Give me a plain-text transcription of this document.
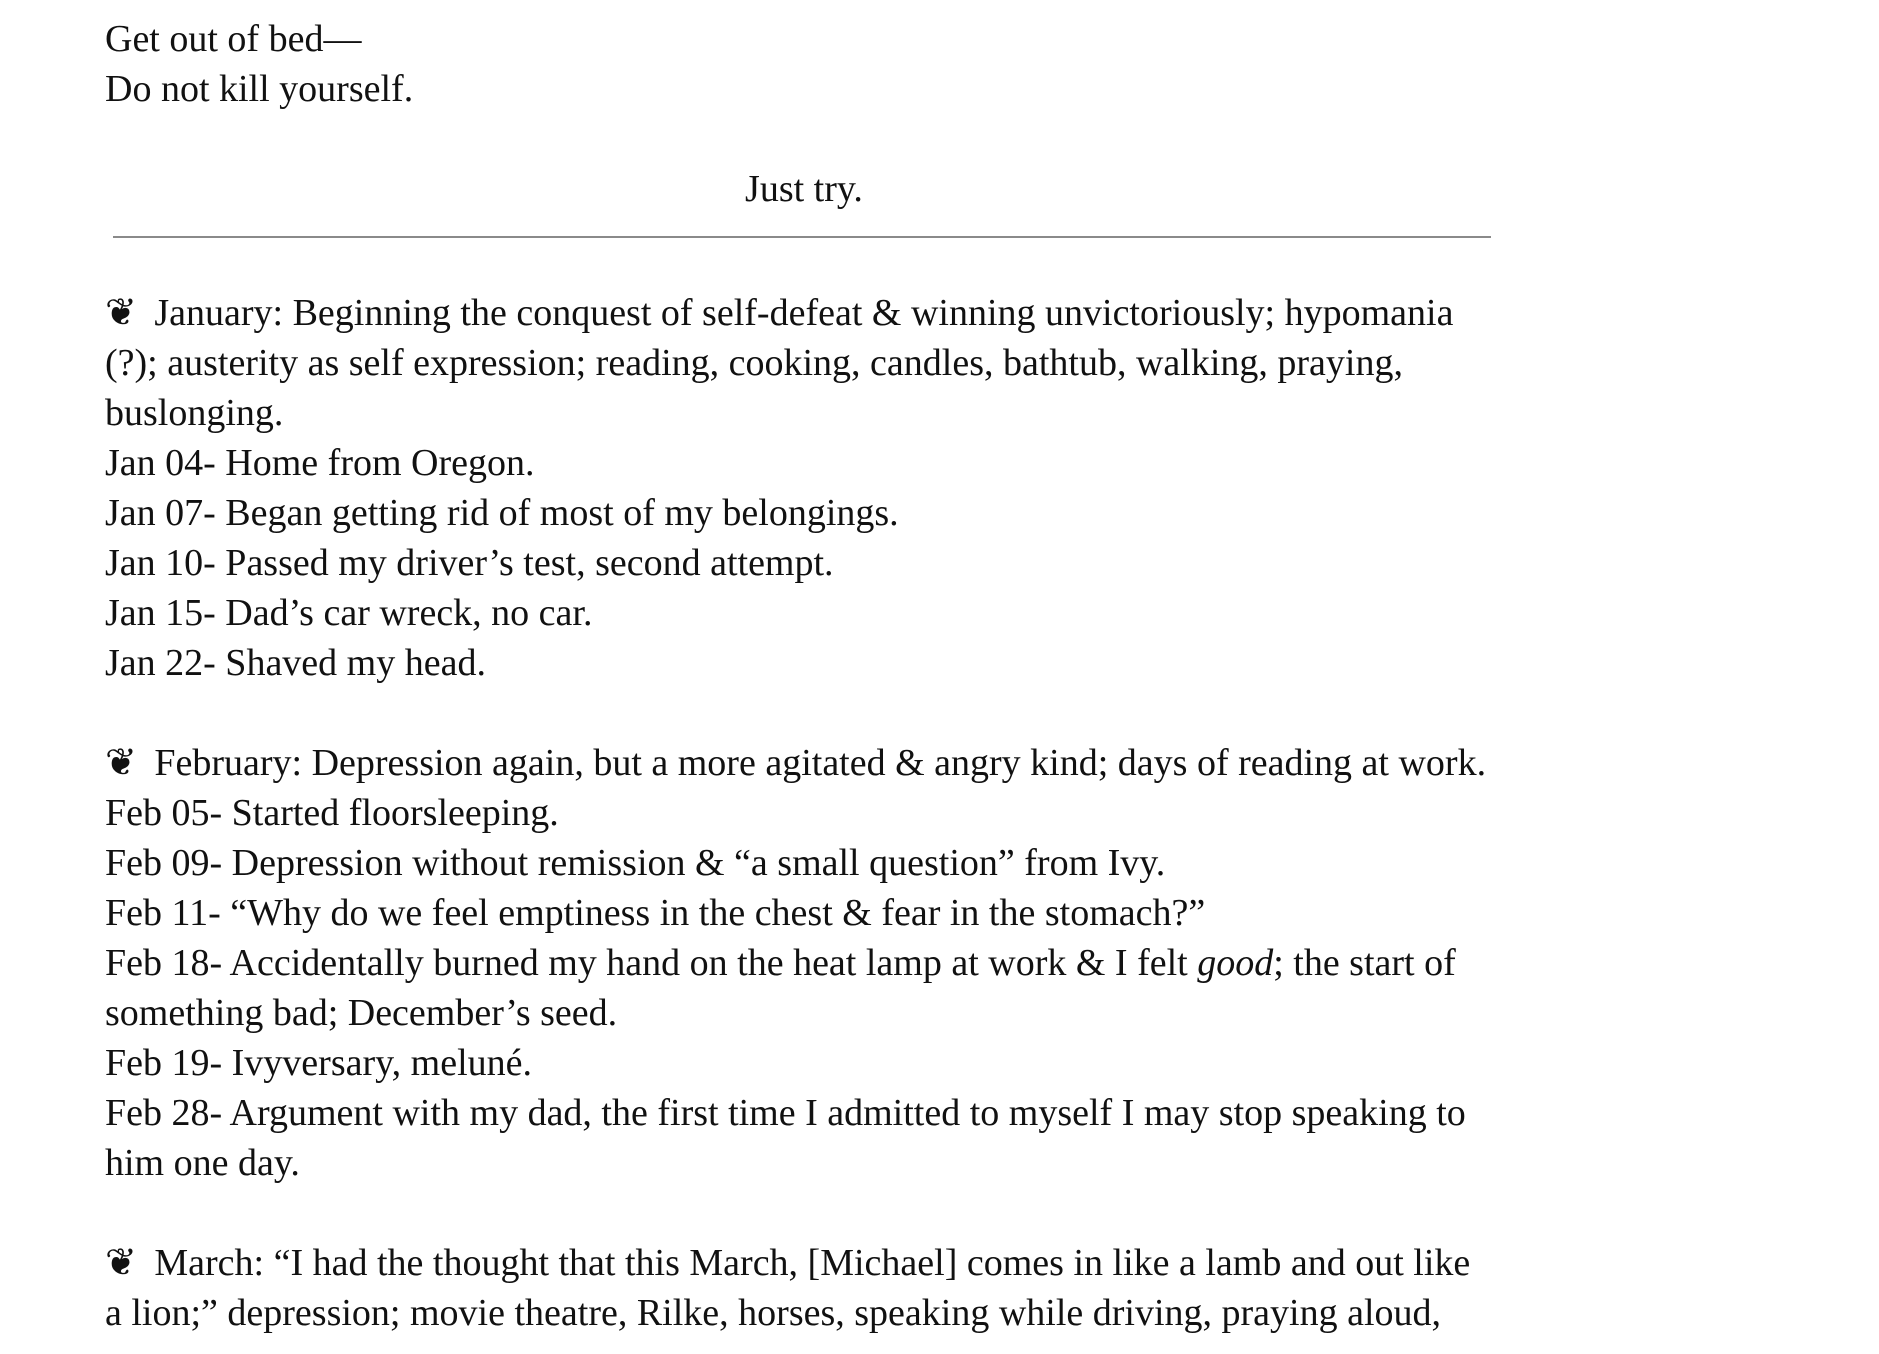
Get out of bed—
Do not kill yourself.
Just try.
❦ January: Beginning the conquest of self-defeat & winning unvictoriously; hypomania (?); austerity as self expression; reading, cooking, candles, bathtub, walking, praying, buslonging.
Jan 04- Home from Oregon.
Jan 07- Began getting rid of most of my belongings.
Jan 10- Passed my driver’s test, second attempt.
Jan 15- Dad’s car wreck, no car.
Jan 22- Shaved my head.
❦ February: Depression again, but a more agitated & angry kind; days of reading at work.
Feb 05- Started floorsleeping.
Feb 09- Depression without remission & “a small question” from Ivy.
Feb 11- “Why do we feel emptiness in the chest & fear in the stomach?”
Feb 18- Accidentally burned my hand on the heat lamp at work & I felt good; the start of something bad; December’s seed.
Feb 19- Ivyversary, meluné.
Feb 28- Argument with my dad, the first time I admitted to myself I may stop speaking to him one day.
❦ March: “I had the thought that this March, [Michael] comes in like a lamb and out like a lion;” depression; movie theatre, Rilke, horses, speaking while driving, praying aloud,
